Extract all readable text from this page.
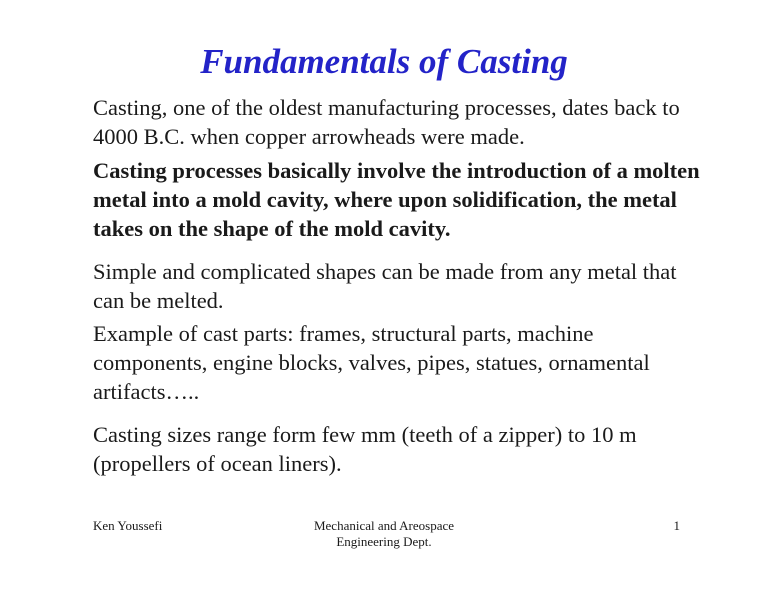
Fundamentals of Casting
Casting, one of the oldest manufacturing processes, dates back to 4000 B.C. when copper arrowheads were made.
Casting processes basically involve the introduction of a molten metal into a mold cavity, where upon solidification, the metal takes on the shape of the mold cavity.
Simple and complicated shapes can be made from any metal that can be melted.
Example of cast parts: frames, structural parts, machine components, engine blocks, valves, pipes, statues, ornamental artifacts…..
Casting sizes range form few mm (teeth of a zipper) to 10 m (propellers of ocean liners).
Ken Youssefi	Mechanical and Areospace
Engineering Dept.
1
